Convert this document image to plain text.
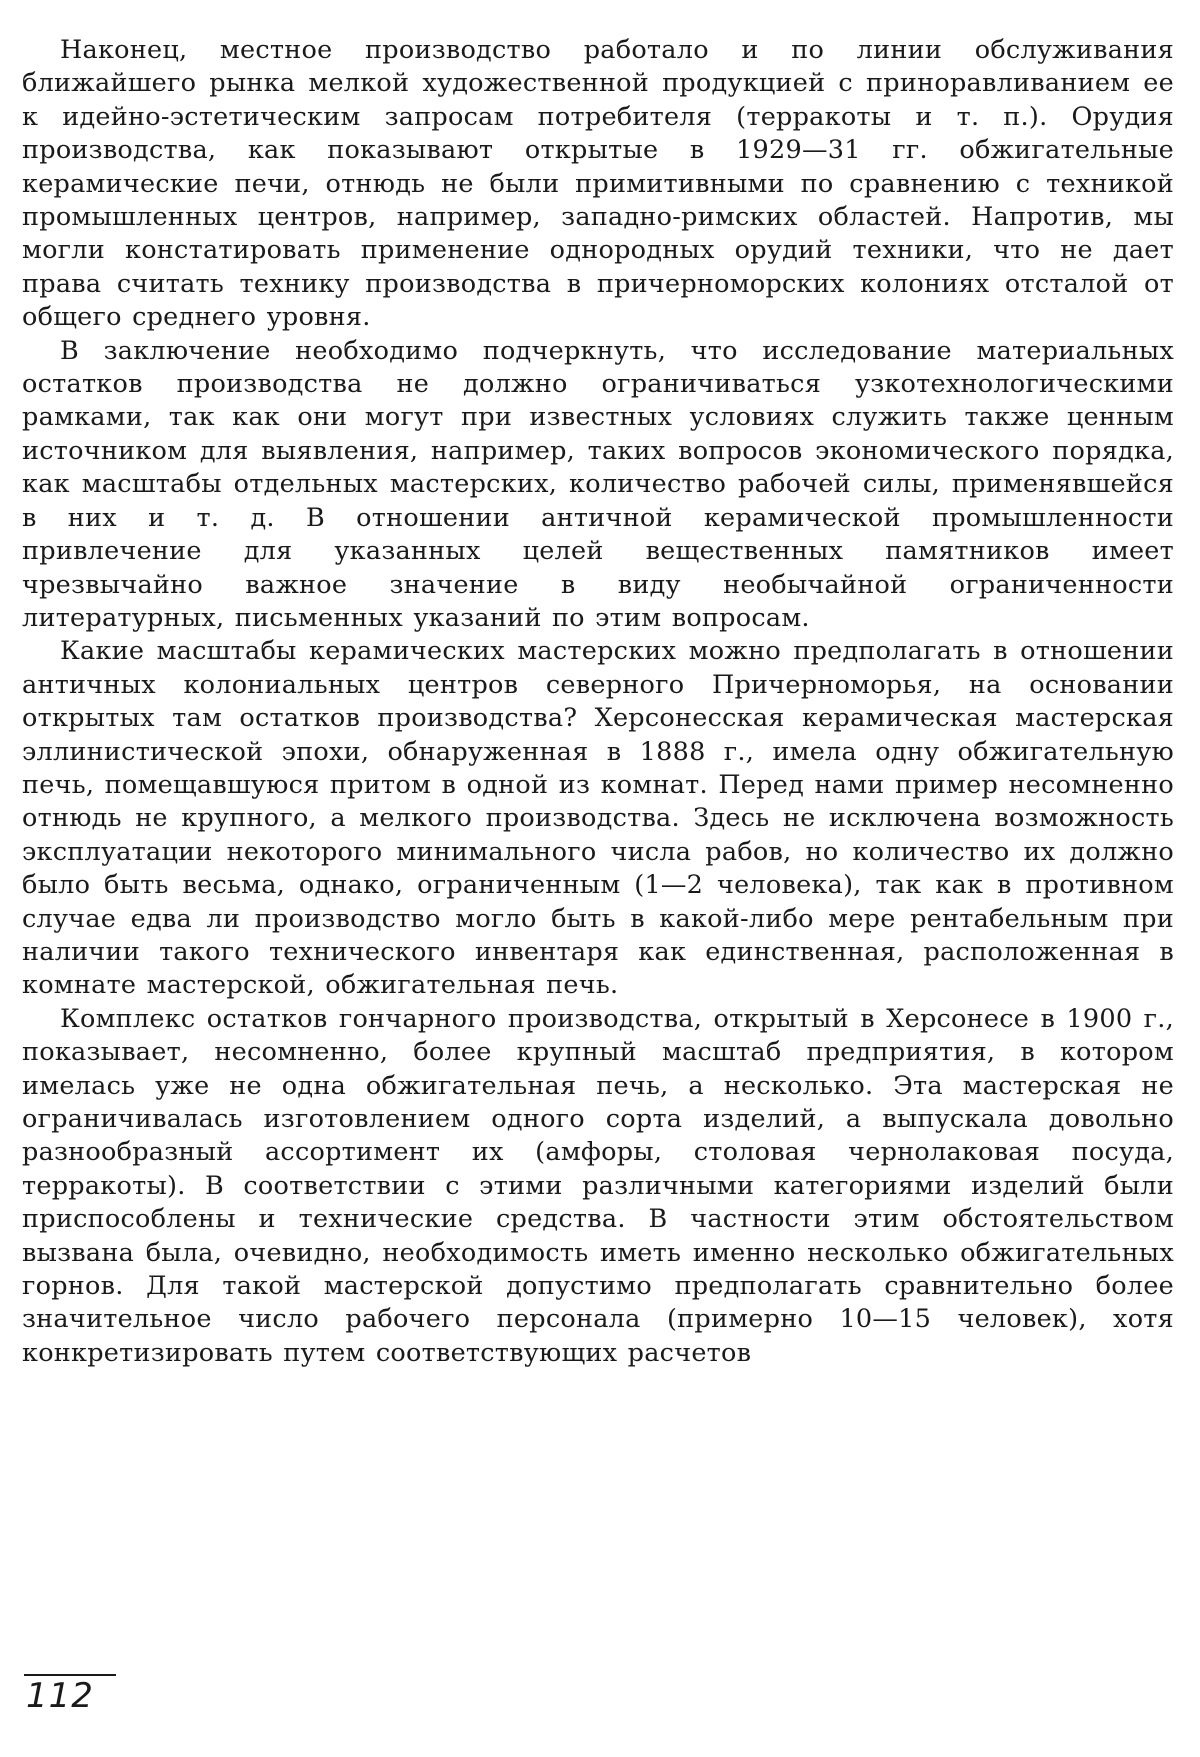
Наконец, местное производство работало и по линии обслуживания ближайшего рынка мелкой художественной продукцией с приноравливанием ее к идейно-эстетическим запросам потребителя (терракоты и т. п.). Орудия производства, как показывают открытые в 1929—31 гг. обжигательные керамические печи, отнюдь не были примитивными по сравнению с техникой промышленных центров, например, западно-римских областей. Напротив, мы могли констатировать применение однородных орудий техники, что не дает права считать технику производства в причерноморских колониях отсталой от общего среднего уровня.

В заключение необходимо подчеркнуть, что исследование материальных остатков производства не должно ограничиваться узкотехнологическими рамками, так как они могут при известных условиях служить также ценным источником для выявления, например, таких вопросов экономического порядка, как масштабы отдельных мастерских, количество рабочей силы, применявшейся в них и т. д. В отношении античной керамической промышленности привлечение для указанных целей вещественных памятников имеет чрезвычайно важное значение в виду необычайной ограниченности литературных, письменных указаний по этим вопросам.

Какие масштабы керамических мастерских можно предполагать в отношении античных колониальных центров северного Причерноморья, на основании открытых там остатков производства? Херсонесская керамическая мастерская эллинистической эпохи, обнаруженная в 1888 г., имела одну обжигательную печь, помещавшуюся притом в одной из комнат. Перед нами пример несомненно отнюдь не крупного, а мелкого производства. Здесь не исключена возможность эксплуатации некоторого минимального числа рабов, но количество их должно было быть весьма, однако, ограниченным (1—2 человека), так как в противном случае едва ли производство могло быть в какой-либо мере рентабельным при наличии такого технического инвентаря как единственная, расположенная в комнате мастерской, обжигательная печь.

Комплекс остатков гончарного производства, открытый в Херсонесе в 1900 г., показывает, несомненно, более крупный масштаб предприятия, в котором имелась уже не одна обжигательная печь, а несколько. Эта мастерская не ограничивалась изготовлением одного сорта изделий, а выпускала довольно разнообразный ассортимент их (амфоры, столовая чернолаковая посуда, терракоты). В соответствии с этими различными категориями изделий были приспособлены и технические средства. В частности этим обстоятельством вызвана была, очевидно, необходимость иметь именно несколько обжигательных горнов. Для такой мастерской допустимо предполагать сравнительно более значительное число рабочего персонала (примерно 10—15 человек), хотя конкретизировать путем соответствующих расчетов

112
